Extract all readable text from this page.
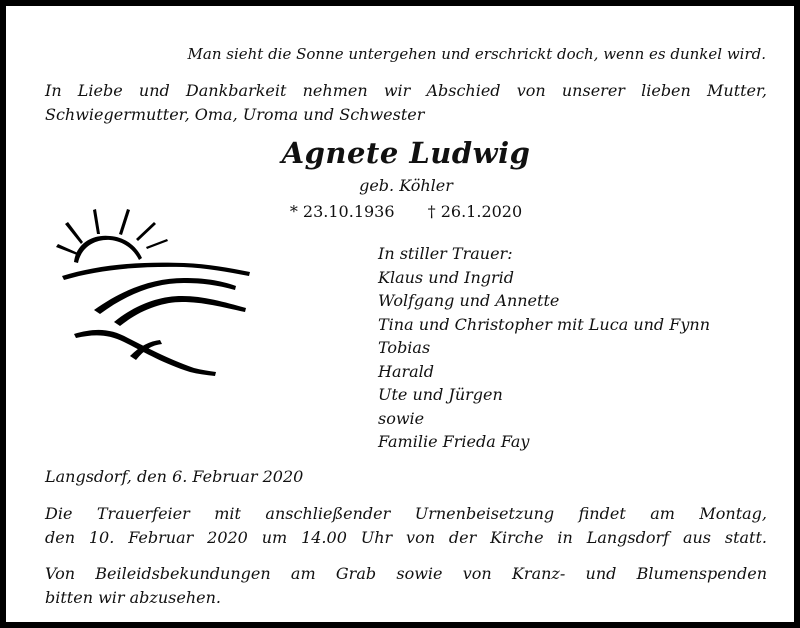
Man sieht die Sonne untergehen und erschrickt doch, wenn es dunkel wird.

In Liebe und Dankbarkeit nehmen wir Abschied von unserer lieben Mutter,
Schwiegermutter, Oma, Uroma und Schwester
Agnete Ludwig

geb. Köhler

* 23.10.1936 † 26.1.2020

In stiller Trauer:
Klaus und Ingrid
Wolfgang und Annette
Tina und Christopher mit Luca und Fynn
Tobias
Harald
Ute und Jürgen
sowie
Familie Frieda Fay

Langsdorf, den 6. Februar 2020

Die Trauerfeier mit anschließender Urnenbeisetzung findet am Montag,
den 10. Februar 2020 um 14.00 Uhr von der Kirche in Langsdorf aus statt.
Von Beileidsbekundungen am Grab sowie von Kranz- und Blumenspenden
bitten wir abzusehen.
